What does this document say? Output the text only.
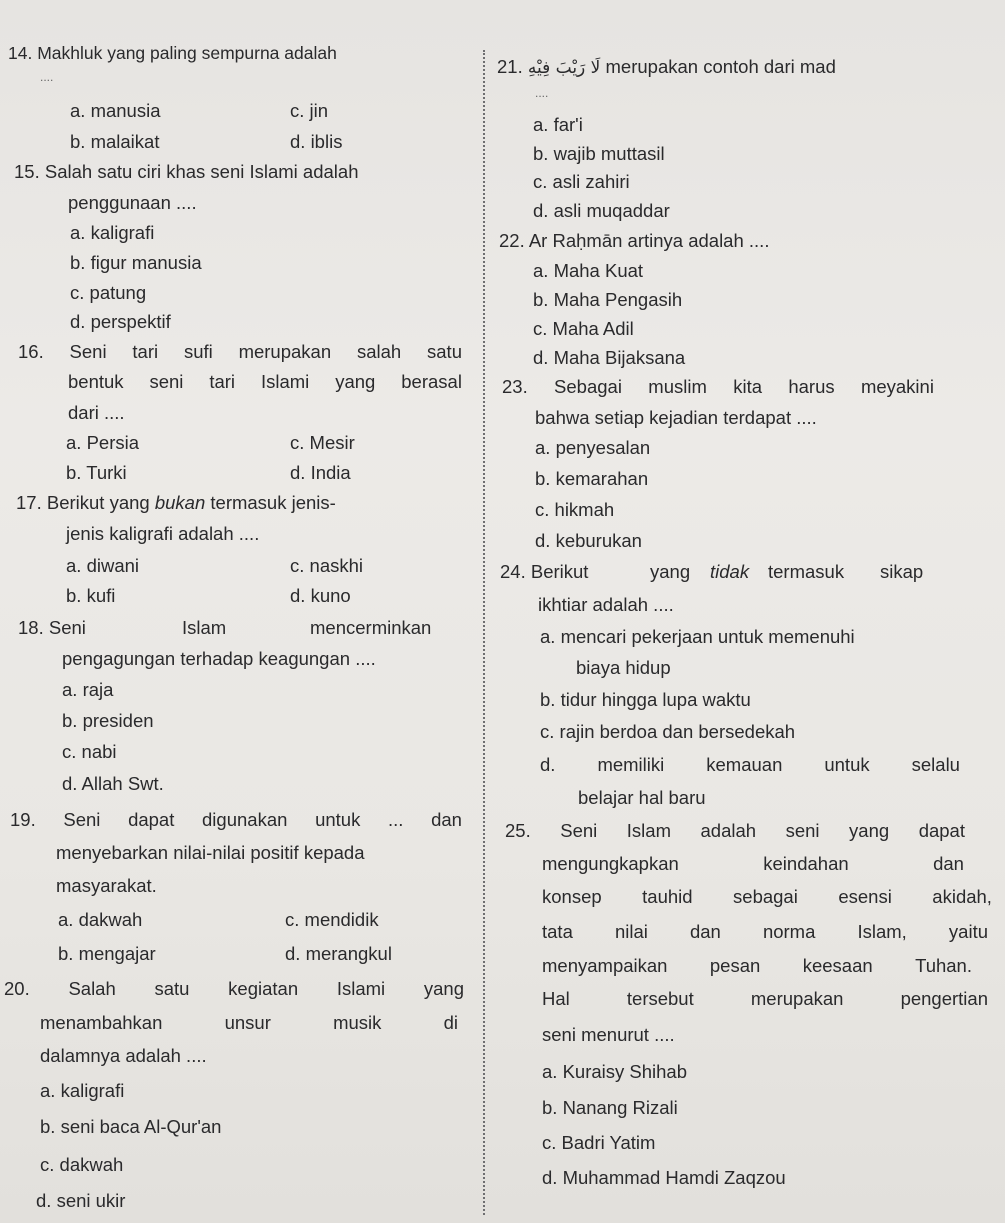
14. Makhluk yang paling sempurna adalah
....
a. manusia	c. jin
b. malaikat	d. iblis
15. Salah satu ciri khas seni Islami adalah
penggunaan ....
a. kaligrafi
b. figur manusia
c. patung
d. perspektif
16. Seni tari sufi merupakan salah satu
bentuk seni tari Islami yang berasal
dari ....
a. Persia	c. Mesir
b. Turki	d. India
17. Berikut yang bukan termasuk jenis-
jenis kaligrafi adalah ....
a. diwani	c. naskhi
b. kufi	d. kuno
18. Seni	Islam	mencerminkan
pengagungan terhadap keagungan ....
a. raja
b. presiden
c. nabi
d. Allah Swt.
19. Seni dapat digunakan untuk ... dan
menyebarkan nilai-nilai positif kepada
masyarakat.
a. dakwah	c. mendidik
b. mengajar	d. merangkul
20. Salah satu kegiatan Islami yang
menambahkan	unsur	musik	di
dalamnya adalah ....
a. kaligrafi
b. seni baca Al-Qur'an
c. dakwah
d. seni ukir
21. لَا رَيْبَ فِيْهِ merupakan contoh dari mad
....
a. far'i
b. wajib muttasil
c. asli zahiri
d. asli muqaddar
22. Ar Raḥmān artinya adalah ....
a. Maha Kuat
b. Maha Pengasih
c. Maha Adil
d. Maha Bijaksana
23. Sebagai muslim kita harus meyakini
bahwa setiap kejadian terdapat ....
a. penyesalan
b. kemarahan
c. hikmah
d. keburukan
24. Berikut	yang tidak termasuk sikap
ikhtiar adalah ....
a. mencari pekerjaan untuk memenuhi
biaya hidup
b. tidur hingga lupa waktu
c. rajin berdoa dan bersedekah
d. memiliki kemauan untuk selalu
belajar hal baru
25. Seni Islam adalah seni yang dapat
mengungkapkan	keindahan	dan
konsep tauhid sebagai esensi akidah,
tata nilai dan norma Islam, yaitu
menyampaikan pesan keesaan Tuhan.
Hal	tersebut	merupakan	pengertian
seni menurut ....
a. Kuraisy Shihab
b. Nanang Rizali
c. Badri Yatim
d. Muhammad Hamdi Zaqzou
